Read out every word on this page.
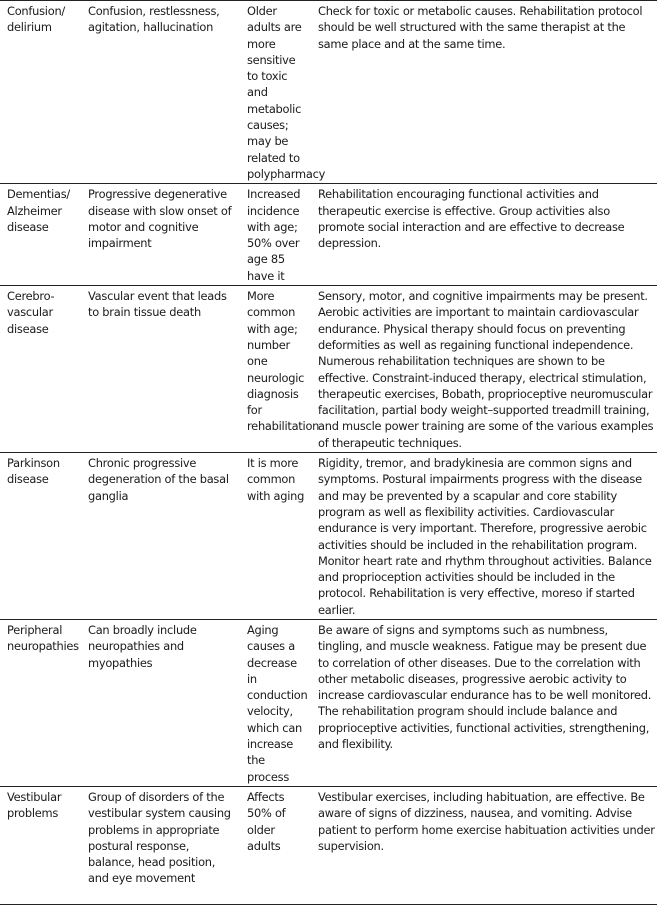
Confusion/ delirium	Confusion, restlessness, agitation, hallucination	Older adults are more sensitive to toxic and metabolic causes; may be related to polypharmacy	Check for toxic or metabolic causes. Rehabilitation protocol should be well structured with the same therapist at the same place and at the same time.
Dementias/ Alzheimer disease	Progressive degenerative disease with slow onset of motor and cognitive impairment	Increased incidence with age; 50% over age 85 have it	Rehabilitation encouraging functional activities and therapeutic exercise is effective. Group activities also promote social interaction and are effective to decrease depression.
Cerebro-vascular disease	Vascular event that leads to brain tissue death	More common with age; number one neurologic diagnosis for rehabilitation	Sensory, motor, and cognitive impairments may be present. Aerobic activities are important to maintain cardiovascular endurance. Physical therapy should focus on preventing deformities as well as regaining functional independence. Numerous rehabilitation techniques are shown to be effective. Constraint-induced therapy, electrical stimulation, therapeutic exercises, Bobath, proprioceptive neuromuscular facilitation, partial body weight–supported treadmill training, and muscle power training are some of the various examples of therapeutic techniques.
Parkinson disease	Chronic progressive degeneration of the basal ganglia	It is more common with aging	Rigidity, tremor, and bradykinesia are common signs and symptoms. Postural impairments progress with the disease and may be prevented by a scapular and core stability program as well as flexibility activities. Cardiovascular endurance is very important. Therefore, progressive aerobic activities should be included in the rehabilitation program. Monitor heart rate and rhythm throughout activities. Balance and proprioception activities should be included in the protocol. Rehabilitation is very effective, moreso if started earlier.
Peripheral neuropathies	Can broadly include neuropathies and myopathies	Aging causes a decrease in conduction velocity, which can increase the process	Be aware of signs and symptoms such as numbness, tingling, and muscle weakness. Fatigue may be present due to correlation of other diseases. Due to the correlation with other metabolic diseases, progressive aerobic activity to increase cardiovascular endurance has to be well monitored. The rehabilitation program should include balance and proprioceptive activities, functional activities, strengthening, and flexibility.
Vestibular problems	Group of disorders of the vestibular system causing problems in appropriate postural response, balance, head position, and eye movement	Affects 50% of older adults	Vestibular exercises, including habituation, are effective. Be aware of signs of dizziness, nausea, and vomiting. Advise patient to perform home exercise habituation activities under supervision.
